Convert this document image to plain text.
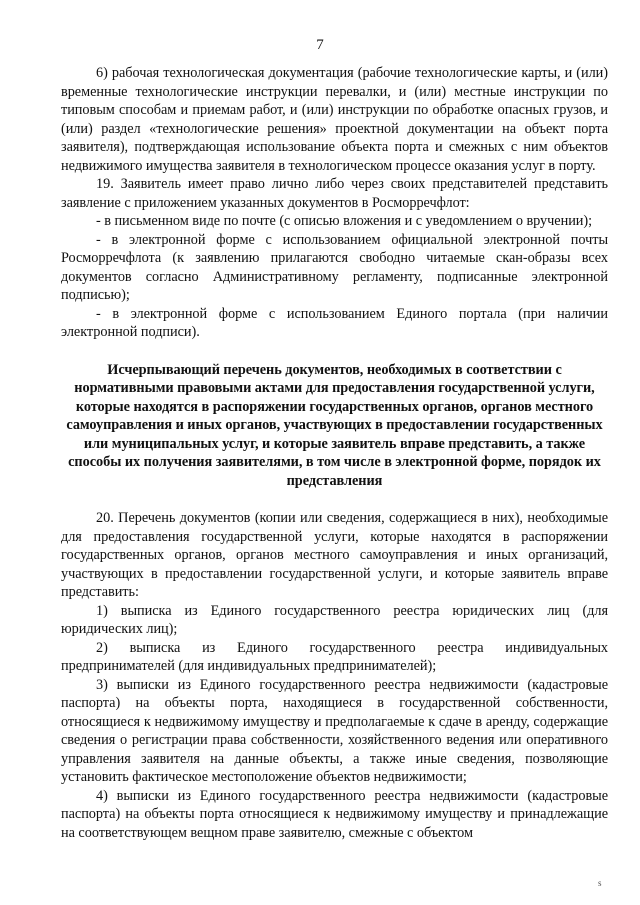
7

6) рабочая технологическая документация (рабочие технологические карты, и (или) временные технологические инструкции перевалки, и (или) местные инструкции по типовым способам и приемам работ, и (или) инструкции по обработке опасных грузов, и (или) раздел «технологические решения» проектной документации на объект порта заявителя), подтверждающая использование объекта порта и смежных с ним объектов недвижимого имущества заявителя в технологическом процессе оказания услуг в порту.

19. Заявитель имеет право лично либо через своих представителей представить заявление с приложением указанных документов в Росморречфлот:

- в письменном виде по почте (с описью вложения и с уведомлением о вручении);

- в электронной форме с использованием официальной электронной почты Росморречфлота (к заявлению прилагаются свободно читаемые скан-образы всех документов согласно Административному регламенту, подписанные электронной подписью);

- в электронной форме с использованием Единого портала (при наличии электронной подписи).

Исчерпывающий перечень документов, необходимых в соответствии с нормативными правовыми актами для предоставления государственной услуги, которые находятся в распоряжении государственных органов, органов местного самоуправления и иных органов, участвующих в предоставлении государственных или муниципальных услуг, и которые заявитель вправе представить, а также способы их получения заявителями, в том числе в электронной форме, порядок их представления

20. Перечень документов (копии или сведения, содержащиеся в них), необходимые для предоставления государственной услуги, которые находятся в распоряжении государственных органов, органов местного самоуправления и иных организаций, участвующих в предоставлении государственной услуги, и которые заявитель вправе представить:

1) выписка из Единого государственного реестра юридических лиц (для юридических лиц);

2) выписка из Единого государственного реестра индивидуальных предпринимателей (для индивидуальных предпринимателей);

3) выписки из Единого государственного реестра недвижимости (кадастровые паспорта) на объекты порта, находящиеся в государственной собственности, относящиеся к недвижимому имуществу и предполагаемые к сдаче в аренду, содержащие сведения о регистрации права собственности, хозяйственного ведения или оперативного управления заявителя на данные объекты, а также иные сведения, позволяющие установить фактическое местоположение объектов недвижимости;

4) выписки из Единого государственного реестра недвижимости (кадастровые паспорта) на объекты порта относящиеся к недвижимому имуществу и принадлежащие на соответствующем вещном праве заявителю, смежные с объектом

s
